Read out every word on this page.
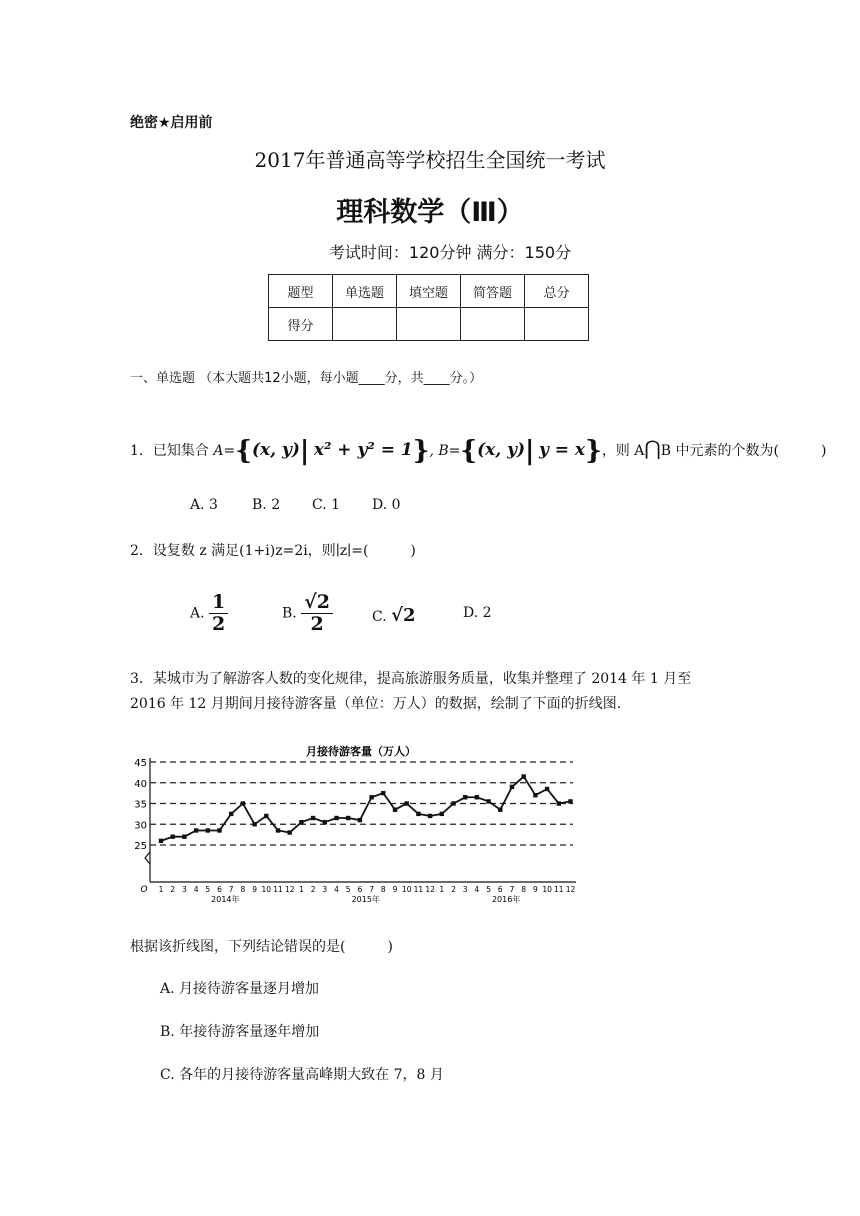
绝密★启用前
2017年普通高等学校招生全国统一考试
理科数学（Ⅲ）
考试时间：120分钟 满分：150分
题型	单选题	填空题	简答题	总分
得分				
一、单选题 （本大题共12小题，每小题____分，共____分。）
1．已知集合 A={(x, y)| x² + y² = 1}, B={(x, y)| y = x}，则 A⋂B 中元素的个数为(　　　)
A. 3 B. 2 C. 1 D. 0
2．设复数 z 满足(1+i)z=2i，则∣z∣=(　　　)
A. $\frac{1}{2}$	B. $\frac{√2}{2}$	C. √2	D. 2
3．某城市为了解游客人数的变化规律，提高旅游服务质量，收集并整理了 2014 年 1 月至
2016 年 12 月期间月接待游客量（单位：万人）的数据，绘制了下面的折线图.
月接待游客量（万人）
25
30
35
40
45
O 1 2 3 4 5 6 7 8 9 10 11 12 1 2 3 4 5 6 7 8 9 10 11 12 1 2 3 4 5 6 7 8 9 10 11 12
2014年	2015年	2016年
根据该折线图，下列结论错误的是(　　　)
A. 月接待游客量逐月增加
B. 年接待游客量逐年增加
C. 各年的月接待游客量高峰期大致在 7，8 月
